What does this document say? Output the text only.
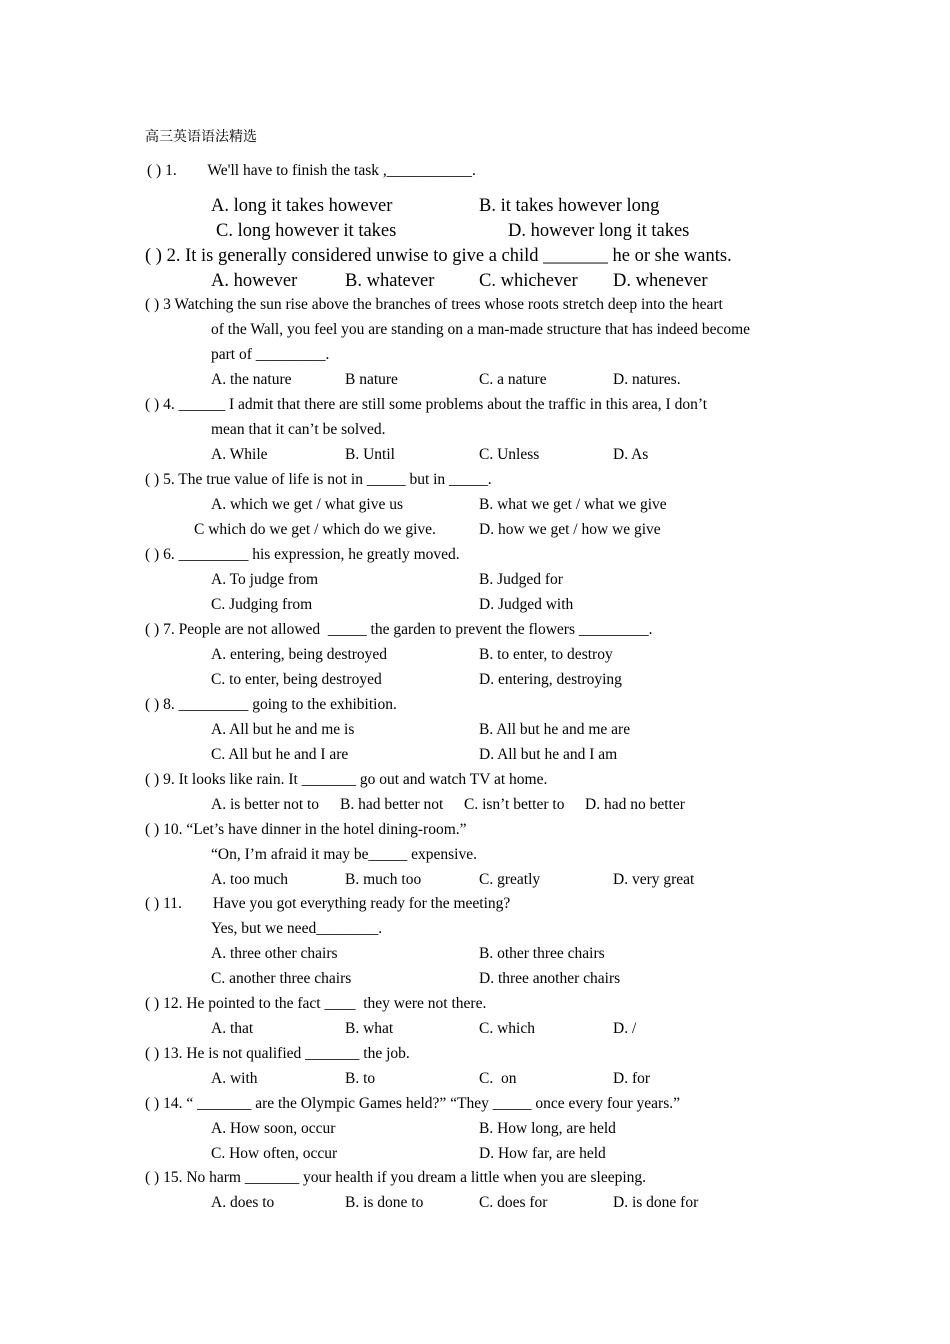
高三英语语法精选
( ) 1.        We'll have to finish the task ,___________.
A. long it takes however	B. it takes however long
C. long however it takes	D. however long it takes
( ) 2. It is generally considered unwise to give a child _______ he or she wants.
A. however	B. whatever C. whichever D. whenever
( ) 3 Watching the sun rise above the branches of trees whose roots stretch deep into the heart
of the Wall, you feel you are standing on a man-made structure that has indeed become
part of _________.
A. the nature	B nature	C. a nature	D. natures.
( ) 4. ______ I admit that there are still some problems about the traffic in this area, I don’t
mean that it can’t be solved.
A. While	B. Until	C. Unless	D. As
( ) 5. The true value of life is not in _____ but in _____.
A. which we get / what give us	B. what we get / what we give
C which do we get / which do we give.	D. how we get / how we give
( ) 6. _________ his expression, he greatly moved.
A. To judge from	B. Judged for
C. Judging from	D. Judged with
( ) 7. People are not allowed  _____ the garden to prevent the flowers _________.
A. entering, being destroyed	B. to enter, to destroy
C. to enter, being destroyed	D. entering, destroying
( ) 8. _________ going to the exhibition.
A. All but he and me is	B. All but he and me are
C. All but he and I are	D. All but he and I am
( ) 9. It looks like rain. It _______ go out and watch TV at home.
A. is better not to B. had better not C. isn’t better to D. had no better
( ) 10. “Let’s have dinner in the hotel dining-room.”
“On, I’m afraid it may be_____ expensive.
A. too much	B. much too	C. greatly	D. very great
( ) 11.        Have you got everything ready for the meeting?
Yes, but we need________.
A. three other chairs	B. other three chairs
C. another three chairs	D. three another chairs
( ) 12. He pointed to the fact ____  they were not there.
A. that	B. what	C. which	D. /
( ) 13. He is not qualified _______ the job.
A. with	B. to	C.  on	D. for
( ) 14. “ _______ are the Olympic Games held?” “They _____ once every four years.”
A. How soon, occur	B. How long, are held
C. How often, occur	D. How far, are held
( ) 15. No harm _______ your health if you dream a little when you are sleeping.
A. does to	B. is done to	C. does for	D. is done for
